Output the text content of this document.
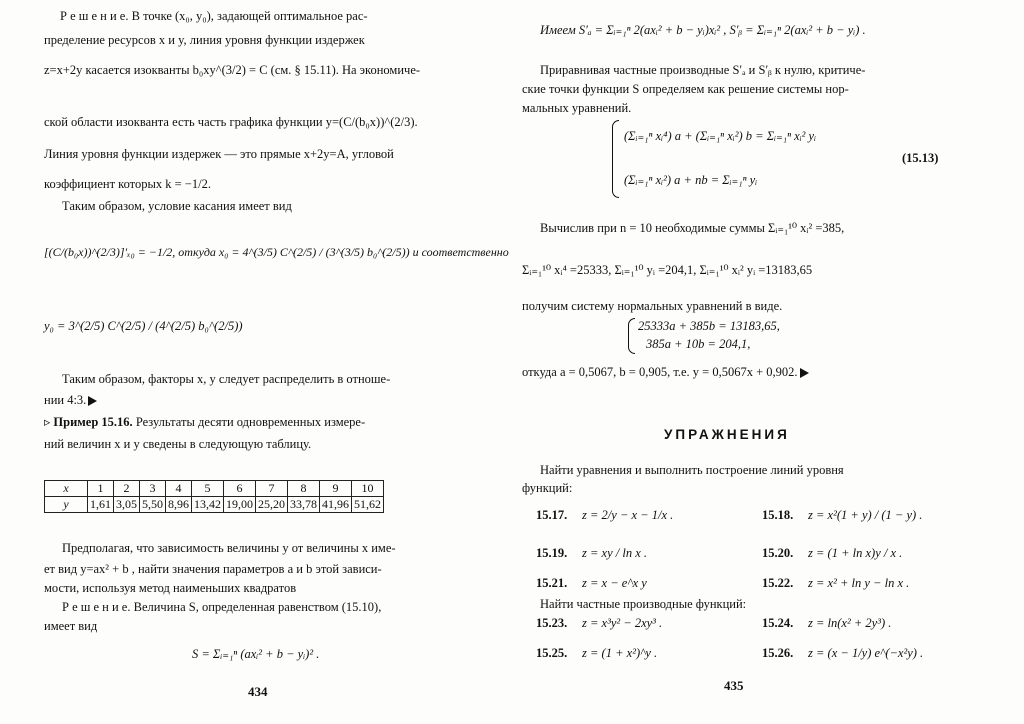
Р е ш е н и е. В точке (x₀, y₀), задающей оптимальное рас-
пределение ресурсов x и y, линия уровня функции издержек
z=x+2y касается изокванты b₀xy^(3/2) = C (см. § 15.11). На экономиче-
ской области изокванта есть часть графика функции y=(C/(b₀x))^(2/3).
Линия уровня функции издержек — это прямые x+2y=A, угловой
коэффициент которых k = −1/2.
Таким образом, условие касания имеет вид
[(C/(b₀x))^(2/3)]′ₓ₀ = −1/2, откуда x₀ = 4^(3/5) C^(2/5) / (3^(3/5) b₀^(2/5)) и соответственно
y₀ = 3^(2/5) C^(2/5) / (4^(2/5) b₀^(2/5))
Таким образом, факторы x, y следует распределить в отноше-
нии 4:3.
▹ Пример 15.16. Результаты десяти одновременных измере-
ний величин x и y сведены в следующую таблицу.
x	1	2	3	4	5	6	7	8	9	10
y	1,61	3,05	5,50	8,96	13,42	19,00	25,20	33,78	41,96	51,62
Предполагая, что зависимость величины y от величины x име-
ет вид y=ax² + b , найти значения параметров a и b этой зависи-
мости, используя метод наименьших квадратов
Р е ш е н и е. Величина S, определенная равенством (15.10),
имеет вид
S = Σᵢ₌₁ⁿ (axᵢ² + b − yᵢ)² .
434
Имеем S′ₐ = Σᵢ₌₁ⁿ 2(axᵢ² + b − yᵢ)xᵢ² , S′ᵦ = Σᵢ₌₁ⁿ 2(axᵢ² + b − yᵢ) .
Приравнивая частные производные S′ₐ и S′ᵦ к нулю, критиче-
ские точки функции S определяем как решение системы нор-
мальных уравнений.
(Σᵢ₌₁ⁿ xᵢ⁴) a + (Σᵢ₌₁ⁿ xᵢ²) b = Σᵢ₌₁ⁿ xᵢ² yᵢ
(Σᵢ₌₁ⁿ xᵢ²) a + nb = Σᵢ₌₁ⁿ yᵢ
(15.13)
Вычислив при n = 10 необходимые суммы Σᵢ₌₁¹⁰ xᵢ² =385,
Σᵢ₌₁¹⁰ xᵢ⁴ =25333, Σᵢ₌₁¹⁰ yᵢ =204,1, Σᵢ₌₁¹⁰ xᵢ² yᵢ =13183,65
получим систему нормальных уравнений в виде.
25333a + 385b = 13183,65,
385a + 10b = 204,1,
откуда a = 0,5067, b = 0,905, т.е. y = 0,5067x + 0,902.
УПРАЖНЕНИЯ
Найти уравнения и выполнить построение линий уровня
функций:
15.17. z = 2/y − x − 1/x .	15.18. z = x²(1 + y) / (1 − y) .
15.19. z = xy / ln x .	15.20. z = (1 + ln x)y / x .
15.21. z = x − e^x y	15.22. z = x² + ln y − ln x .
Найти частные производные функций:
15.23. z = x³y² − 2xy³ .	15.24. z = ln(x² + 2y³) .
15.25. z = (1 + x²)^y .	15.26. z = (x − 1/y) e^(−x²y) .
435
